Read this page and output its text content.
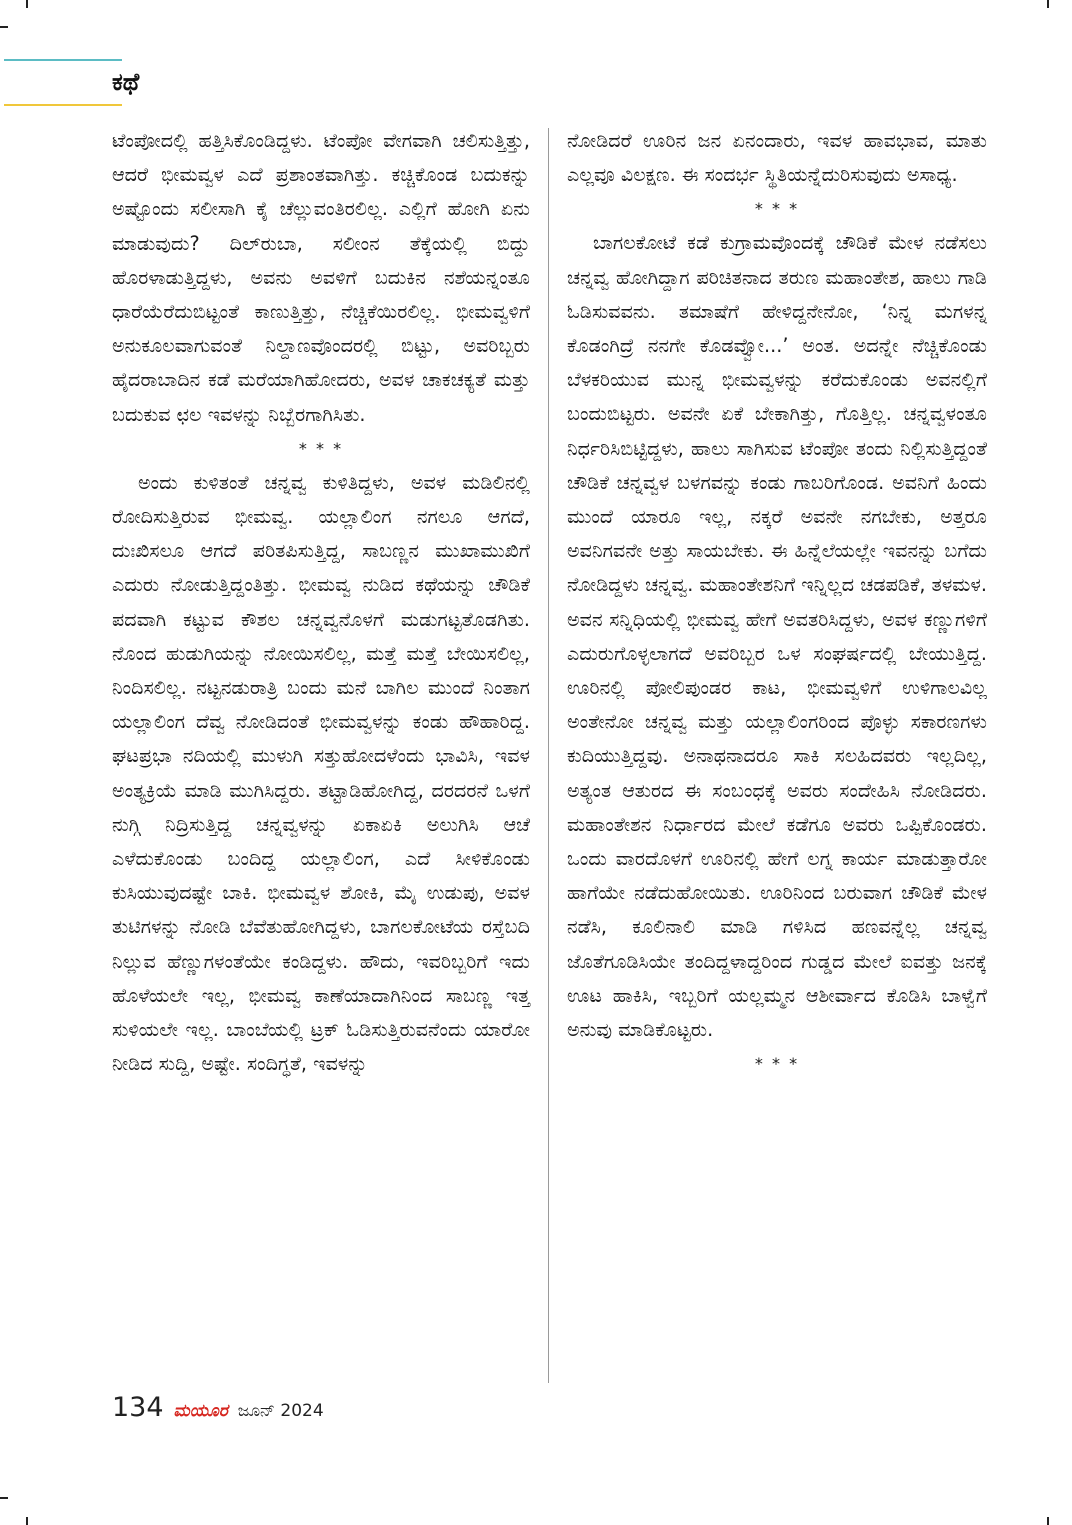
ಕಥೆ

ಟೆಂಪೋದಲ್ಲಿ ಹತ್ತಿಸಿಕೊಂಡಿದ್ದಳು. ಟೆಂಪೋ ವೇಗವಾಗಿ ಚಲಿಸುತ್ತಿತ್ತು, ಆದರೆ ಭೀಮವ್ವಳ ಎದೆ ಪ್ರಶಾಂತವಾಗಿತ್ತು. ಕಚ್ಚಿಕೊಂಡ ಬದುಕನ್ನು ಅಷ್ಟೊಂದು ಸಲೀಸಾಗಿ ಕೈ ಚೆಲ್ಲುವಂತಿರಲಿಲ್ಲ. ಎಲ್ಲಿಗೆ ಹೋಗಿ ಏನು ಮಾಡುವುದು? ದಿಲ್‌ರುಬಾ, ಸಲೀಂನ ತೆಕ್ಕೆಯಲ್ಲಿ ಬಿದ್ದು ಹೊರಳಾಡುತ್ತಿದ್ದಳು, ಅವನು ಅವಳಿಗೆ ಬದುಕಿನ ನಶೆಯನ್ನಂತೂ ಧಾರೆಯೆರೆದುಬಿಟ್ಟಂತೆ ಕಾಣುತ್ತಿತ್ತು, ನೆಚ್ಚಿಕೆಯಿರಲಿಲ್ಲ. ಭೀಮವ್ವಳಿಗೆ ಅನುಕೂಲವಾಗುವಂತೆ ನಿಲ್ದಾಣವೊಂದರಲ್ಲಿ ಬಿಟ್ಟು, ಅವರಿಬ್ಬರು ಹೈದರಾಬಾದಿನ ಕಡೆ ಮರೆಯಾಗಿಹೋದರು, ಅವಳ ಚಾಕಚಕ್ಯತೆ ಮತ್ತು ಬದುಕುವ ಛಲ ಇವಳನ್ನು ನಿಬ್ಬೆರಗಾಗಿಸಿತು.

* * *

ಅಂದು ಕುಳಿತಂತೆ ಚನ್ನವ್ವ ಕುಳಿತಿದ್ದಳು, ಅವಳ ಮಡಿಲಿನಲ್ಲಿ ರೋದಿಸುತ್ತಿರುವ ಭೀಮವ್ವ. ಯಲ್ಲಾಲಿಂಗ ನಗಲೂ ಆಗದೆ, ದುಃಖಿಸಲೂ ಆಗದೆ ಪರಿತಪಿಸುತ್ತಿದ್ದ, ಸಾಬಣ್ಣನ ಮುಖಾಮುಖಿಗೆ ಎದುರು ನೋಡುತ್ತಿದ್ದಂತಿತ್ತು. ಭೀಮವ್ವ ನುಡಿದ ಕಥೆಯನ್ನು ಚೌಡಿಕೆ ಪದವಾಗಿ ಕಟ್ಟುವ ಕೌಶಲ ಚನ್ನವ್ವನೊಳಗೆ ಮಡುಗಟ್ಟತೊಡಗಿತು. ನೊಂದ ಹುಡುಗಿಯನ್ನು ನೋಯಿಸಲಿಲ್ಲ, ಮತ್ತೆ ಮತ್ತೆ ಬೇಯಿಸಲಿಲ್ಲ, ನಿಂದಿಸಲಿಲ್ಲ. ನಟ್ಟನಡುರಾತ್ರಿ ಬಂದು ಮನೆ ಬಾಗಿಲ ಮುಂದೆ ನಿಂತಾಗ ಯಲ್ಲಾಲಿಂಗ ದೆವ್ವ ನೋಡಿದಂತೆ ಭೀಮವ್ವಳನ್ನು ಕಂಡು ಹೌಹಾರಿದ್ದ. ಘಟಪ್ರಭಾ ನದಿಯಲ್ಲಿ ಮುಳುಗಿ ಸತ್ತುಹೋದಳೆಂದು ಭಾವಿಸಿ, ಇವಳ ಅಂತ್ಯಕ್ರಿಯೆ ಮಾಡಿ ಮುಗಿಸಿದ್ದರು. ತಟ್ಟಾಡಿಹೋಗಿದ್ದ, ದರದರನೆ ಒಳಗೆ ನುಗ್ಗಿ ನಿದ್ರಿಸುತ್ತಿದ್ದ ಚನ್ನವ್ವಳನ್ನು ಏಕಾಏಕಿ ಅಲುಗಿಸಿ ಆಚೆ ಎಳೆದುಕೊಂಡು ಬಂದಿದ್ದ ಯಲ್ಲಾಲಿಂಗ, ಎದೆ ಸೀಳಿಕೊಂಡು ಕುಸಿಯುವುದಷ್ಟೇ ಬಾಕಿ. ಭೀಮವ್ವಳ ಶೋಕಿ, ಮೈ ಉಡುಪು, ಅವಳ ತುಟಿಗಳನ್ನು ನೋಡಿ ಬೆವೆತುಹೋಗಿದ್ದಳು, ಬಾಗಲಕೋಟೆಯ ರಸ್ತೆಬದಿ ನಿಲ್ಲುವ ಹೆಣ್ಣುಗಳಂತೆಯೇ ಕಂಡಿದ್ದಳು. ಹೌದು, ಇವರಿಬ್ಬರಿಗೆ ಇದು ಹೊಳೆಯಲೇ ಇಲ್ಲ, ಭೀಮವ್ವ ಕಾಣೆಯಾದಾಗಿನಿಂದ ಸಾಬಣ್ಣ ಇತ್ತ ಸುಳಿಯಲೇ ಇಲ್ಲ. ಬಾಂಬೆಯಲ್ಲಿ ಟ್ರಕ್ ಓಡಿಸುತ್ತಿರುವನೆಂದು ಯಾರೋ ನೀಡಿದ ಸುದ್ದಿ, ಅಷ್ಟೇ. ಸಂದಿಗ್ಧತೆ, ಇವಳನ್ನು

ನೋಡಿದರೆ ಊರಿನ ಜನ ಏನಂದಾರು, ಇವಳ ಹಾವಭಾವ, ಮಾತು ಎಲ್ಲವೂ ವಿಲಕ್ಷಣ. ಈ ಸಂದರ್ಭ ಸ್ಥಿತಿಯನ್ನೆದುರಿಸುವುದು ಅಸಾಧ್ಯ.

* * *

ಬಾಗಲಕೋಟೆ ಕಡೆ ಕುಗ್ರಾಮವೊಂದಕ್ಕೆ ಚೌಡಿಕೆ ಮೇಳ ನಡೆಸಲು ಚನ್ನವ್ವ ಹೋಗಿದ್ದಾಗ ಪರಿಚಿತನಾದ ತರುಣ ಮಹಾಂತೇಶ, ಹಾಲು ಗಾಡಿ ಓಡಿಸುವವನು. ತಮಾಷೆಗೆ ಹೇಳಿದ್ದನೇನೋ, ‘ನಿನ್ನ ಮಗಳನ್ನ ಕೊಡಂಗಿದ್ರೆ ನನಗೇ ಕೊಡವ್ವೋ...’ ಅಂತ. ಅದನ್ನೇ ನೆಚ್ಚಿಕೊಂಡು ಬೆಳಕರಿಯುವ ಮುನ್ನ ಭೀಮವ್ವಳನ್ನು ಕರೆದುಕೊಂಡು ಅವನಲ್ಲಿಗೆ ಬಂದುಬಿಟ್ಟರು. ಅವನೇ ಏಕೆ ಬೇಕಾಗಿತ್ತು, ಗೊತ್ತಿಲ್ಲ. ಚನ್ನವ್ವಳಂತೂ ನಿರ್ಧರಿಸಿಬಿಟ್ಟಿದ್ದಳು, ಹಾಲು ಸಾಗಿಸುವ ಟೆಂಪೋ ತಂದು ನಿಲ್ಲಿಸುತ್ತಿದ್ದಂತೆ ಚೌಡಿಕೆ ಚನ್ನವ್ವಳ ಬಳಗವನ್ನು ಕಂಡು ಗಾಬರಿಗೊಂಡ. ಅವನಿಗೆ ಹಿಂದು ಮುಂದೆ ಯಾರೂ ಇಲ್ಲ, ನಕ್ಕರೆ ಅವನೇ ನಗಬೇಕು, ಅತ್ತರೂ ಅವನಿಗವನೇ ಅತ್ತು ಸಾಯಬೇಕು. ಈ ಹಿನ್ನೆಲೆಯಲ್ಲೇ ಇವನನ್ನು ಬಗೆದು ನೋಡಿದ್ದಳು ಚನ್ನವ್ವ. ಮಹಾಂತೇಶನಿಗೆ ಇನ್ನಿಲ್ಲದ ಚಡಪಡಿಕೆ, ತಳಮಳ. ಅವನ ಸನ್ನಿಧಿಯಲ್ಲಿ ಭೀಮವ್ವ ಹೇಗೆ ಅವತರಿಸಿದ್ದಳು, ಅವಳ ಕಣ್ಣುಗಳಿಗೆ ಎದುರುಗೊಳ್ಳಲಾಗದೆ ಅವರಿಬ್ಬರ ಒಳ ಸಂಘರ್ಷದಲ್ಲಿ ಬೇಯುತ್ತಿದ್ದ. ಊರಿನಲ್ಲಿ ಪೋಲಿಪುಂಡರ ಕಾಟ, ಭೀಮವ್ವಳಿಗೆ ಉಳಿಗಾಲವಿಲ್ಲ ಅಂತೇನೋ ಚನ್ನವ್ವ ಮತ್ತು ಯಲ್ಲಾಲಿಂಗರಿಂದ ಪೊಳ್ಳು ಸಕಾರಣಗಳು ಕುದಿಯುತ್ತಿದ್ದವು. ಅನಾಥನಾದರೂ ಸಾಕಿ ಸಲಹಿದವರು ಇಲ್ಲದಿಲ್ಲ, ಅತ್ಯಂತ ಆತುರದ ಈ ಸಂಬಂಧಕ್ಕೆ ಅವರು ಸಂದೇಹಿಸಿ ನೋಡಿದರು. ಮಹಾಂತೇಶನ ನಿರ್ಧಾರದ ಮೇಲೆ ಕಡೆಗೂ ಅವರು ಒಪ್ಪಿಕೊಂಡರು. ಒಂದು ವಾರದೊಳಗೆ ಊರಿನಲ್ಲಿ ಹೇಗೆ ಲಗ್ನ ಕಾರ್ಯ ಮಾಡುತ್ತಾರೋ ಹಾಗೆಯೇ ನಡೆದುಹೋಯಿತು. ಊರಿನಿಂದ ಬರುವಾಗ ಚೌಡಿಕೆ ಮೇಳ ನಡೆಸಿ, ಕೂಲಿನಾಲಿ ಮಾಡಿ ಗಳಿಸಿದ ಹಣವನ್ನೆಲ್ಲ ಚನ್ನವ್ವ ಜೊತೆಗೂಡಿಸಿಯೇ ತಂದಿದ್ದಳಾದ್ದರಿಂದ ಗುಡ್ಡದ ಮೇಲೆ ಐವತ್ತು ಜನಕ್ಕೆ ಊಟ ಹಾಕಿಸಿ, ಇಬ್ಬರಿಗೆ ಯಲ್ಲಮ್ಮನ ಆಶೀರ್ವಾದ ಕೊಡಿಸಿ ಬಾಳ್ವೆಗೆ ಅನುವು ಮಾಡಿಕೊಟ್ಟರು.

* * *
134 ಮಯೂರ ಜೂನ್ 2024
